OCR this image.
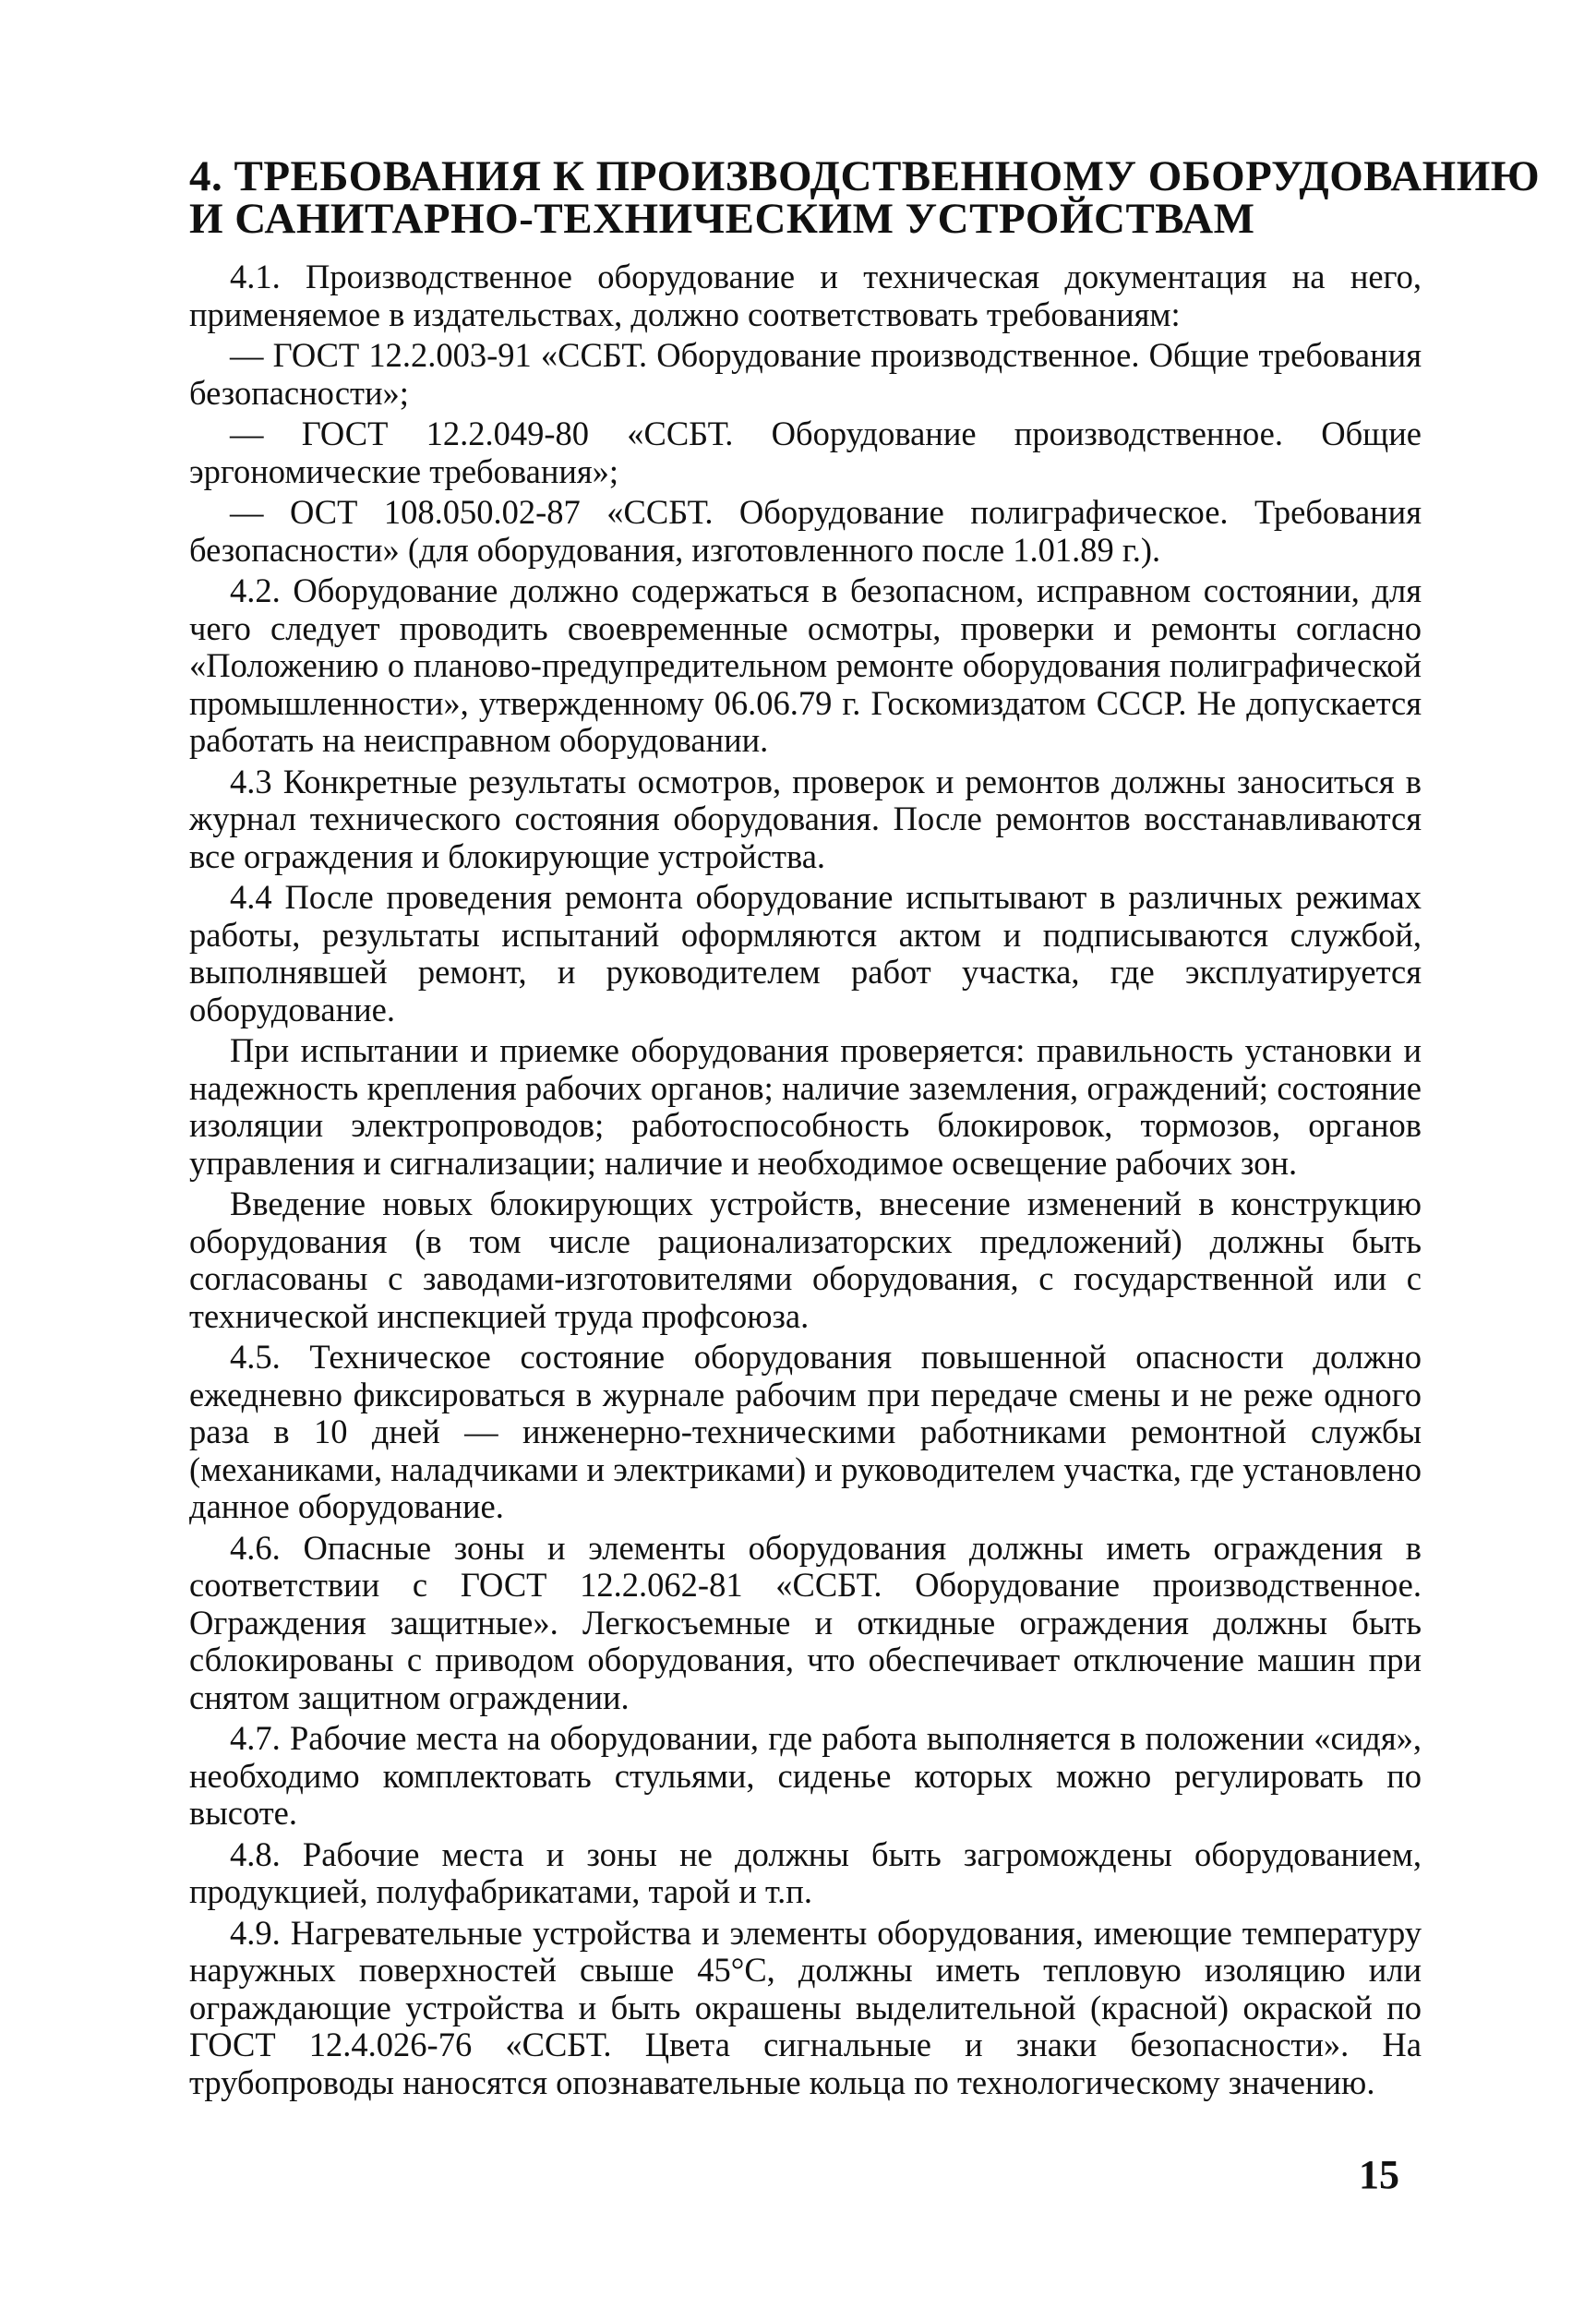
4. ТРЕБОВАНИЯ К ПРОИЗВОДСТВЕННОМУ ОБОРУДОВАНИЮ
И САНИТАРНО-ТЕХНИЧЕСКИМ УСТРОЙСТВАМ

4.1. Производственное оборудование и техническая документация на него, применяемое в издательствах, должно соответствовать требованиям:

— ГОСТ 12.2.003-91 «ССБТ. Оборудование производственное. Общие требования безопасности»;

— ГОСТ 12.2.049-80 «ССБТ. Оборудование производственное. Общие эргономические требования»;

— ОСТ 108.050.02-87 «ССБТ. Оборудование полиграфическое. Требования безопасности» (для оборудования, изготовленного после 1.01.89 г.).

4.2. Оборудование должно содержаться в безопасном, исправном состоянии, для чего следует проводить своевременные осмотры, проверки и ремонты согласно «Положению о планово-предупредительном ремонте оборудования полиграфической промышленности», утвержденному 06.06.79 г. Госкомиздатом СССР. Не допускается работать на неисправном оборудовании.

4.3 Конкретные результаты осмотров, проверок и ремонтов должны заноситься в журнал технического состояния оборудования. После ремонтов восстанавливаются все ограждения и блокирующие устройства.

4.4 После проведения ремонта оборудование испытывают в различных режимах работы, результаты испытаний оформляются актом и подписываются службой, выполнявшей ремонт, и руководителем работ участка, где эксплуатируется оборудование.

При испытании и приемке оборудования проверяется: правильность установки и надежность крепления рабочих органов; наличие заземления, ограждений; состояние изоляции электропроводов; работоспособность блокировок, тормозов, органов управления и сигнализации; наличие и необходимое освещение рабочих зон.

Введение новых блокирующих устройств, внесение изменений в конструкцию оборудования (в том числе рационализаторских предложений) должны быть согласованы с заводами-изготовителями оборудования, с государственной или с технической инспекцией труда профсоюза.

4.5. Техническое состояние оборудования повышенной опасности должно ежедневно фиксироваться в журнале рабочим при передаче смены и не реже одного раза в 10 дней — инженерно-техническими работниками ремонтной службы (механиками, наладчиками и электриками) и руководителем участка, где установлено данное оборудование.

4.6. Опасные зоны и элементы оборудования должны иметь ограждения в соответствии с ГОСТ 12.2.062-81 «ССБТ. Оборудование производственное. Ограждения защитные». Легкосъемные и откидные ограждения должны быть сблокированы с приводом оборудования, что обеспечивает отключение машин при снятом защитном ограждении.

4.7. Рабочие места на оборудовании, где работа выполняется в положении «сидя», необходимо комплектовать стульями, сиденье которых можно регулировать по высоте.

4.8. Рабочие места и зоны не должны быть загромождены оборудованием, продукцией, полуфабрикатами, тарой и т.п.

4.9. Нагревательные устройства и элементы оборудования, имеющие температуру наружных поверхностей свыше 45°С, должны иметь тепловую изоляцию или ограждающие устройства и быть окрашены выделительной (красной) окраской по ГОСТ 12.4.026-76 «ССБТ. Цвета сигнальные и знаки безопасности». На трубопроводы наносятся опознавательные кольца по технологическому значению.

15
